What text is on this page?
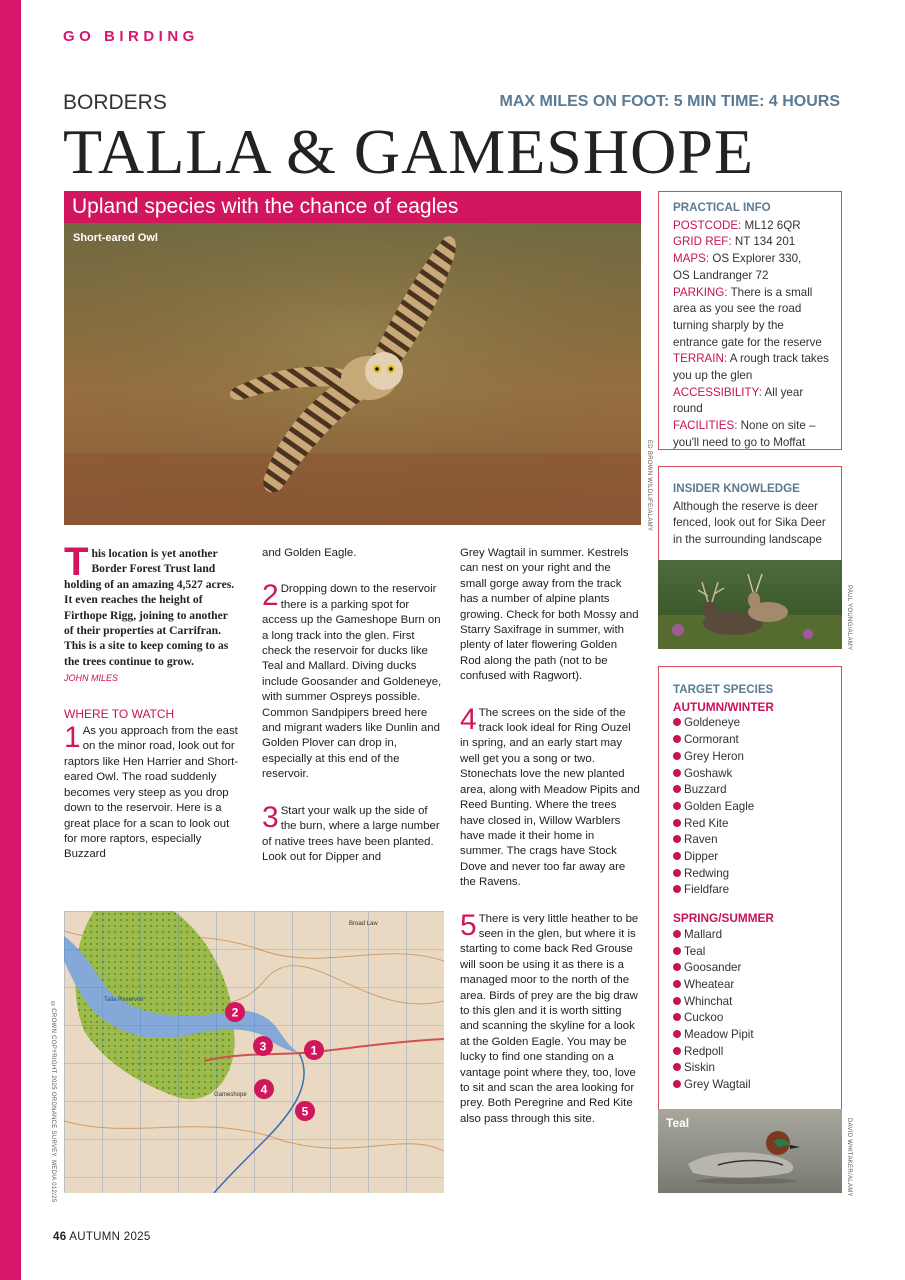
GO BIRDING
BORDERS	MAX MILES ON FOOT: 5 MIN TIME: 4 HOURS
TALLA & GAMESHOPE
Upland species with the chance of eagles
Short-eared Owl
ED BROWN WILDLIFE/ALAMY

This location is yet another Border Forest Trust land holding of an amazing 4,527 acres. It even reaches the height of Firthope Rigg, joining to another of their properties at Carrifran. This is a site to keep coming to as the trees continue to grow.

JOHN MILES
WHERE TO WATCH

1 As you approach from the east on the minor road, look out for raptors like Hen Harrier and Short-eared Owl. The road suddenly becomes very steep as you drop down to the reservoir. Here is a great place for a scan to look out for more raptors, especially Buzzard

and Golden Eagle.

2 Dropping down to the reservoir there is a parking spot for access up the Gameshope Burn on a long track into the glen. First check the reservoir for ducks like Teal and Mallard. Diving ducks include Goosander and Goldeneye, with summer Ospreys possible. Common Sandpipers breed here and migrant waders like Dunlin and Golden Plover can drop in, especially at this end of the reservoir.

3 Start your walk up the side of the burn, where a large number of native trees have been planted. Look out for Dipper and

Grey Wagtail in summer. Kestrels can nest on your right and the small gorge away from the track has a number of alpine plants growing. Check for both Mossy and Starry Saxifrage in summer, with plenty of later flowering Golden Rod along the path (not to be confused with Ragwort).

4 The screes on the side of the track look ideal for Ring Ouzel in spring, and an early start may well get you a song or two. Stonechats love the new planted area, along with Meadow Pipits and Reed Bunting. Where the trees have closed in, Willow Warblers have made it their home in summer. The crags have Stock Dove and never too far away are the Ravens.

5 There is very little heather to be seen in the glen, but where it is starting to come back Red Grouse will soon be using it as there is a managed moor to the north of the area. Birds of prey are the big draw to this glen and it is worth sitting and scanning the skyline for a look at the Golden Eagle. You may be lucky to find one standing on a vantage point where they, too, love to sit and scan the area looking for prey. Both Peregrine and Red Kite also pass through this site.

1
2
3
4
5
Broad Law
Talla Reservoir
Gameshope
©CROWN COPYRIGHT 2025 ORDNANCE SURVEY. MEDIA 012/25
PRACTICAL INFO
POSTCODE: ML12 6QR
GRID REF: NT 134 201
MAPS: OS Explorer 330,
OS Landranger 72
PARKING: There is a small area as you see the road turning sharply by the entrance gate for the reserve
TERRAIN: A rough track takes you up the glen
ACCESSIBILITY: All year round
FACILITIES: None on site – you'll need to go to Moffat
INSIDER KNOWLEDGE
Although the reserve is deer fenced, look out for Sika Deer in the surrounding landscape
PAUL YOUNG/ALAMY
TARGET SPECIES
AUTUMN/WINTER
Goldeneye
Cormorant
Grey Heron
Goshawk
Buzzard
Golden Eagle
Red Kite
Raven
Dipper
Redwing
Fieldfare
SPRING/SUMMER
Mallard
Teal
Goosander
Wheatear
Whinchat
Cuckoo
Meadow Pipit
Redpoll
Siskin
Grey Wagtail
Teal	DAVID WHITAKER/ALAMY
46 AUTUMN 2025
